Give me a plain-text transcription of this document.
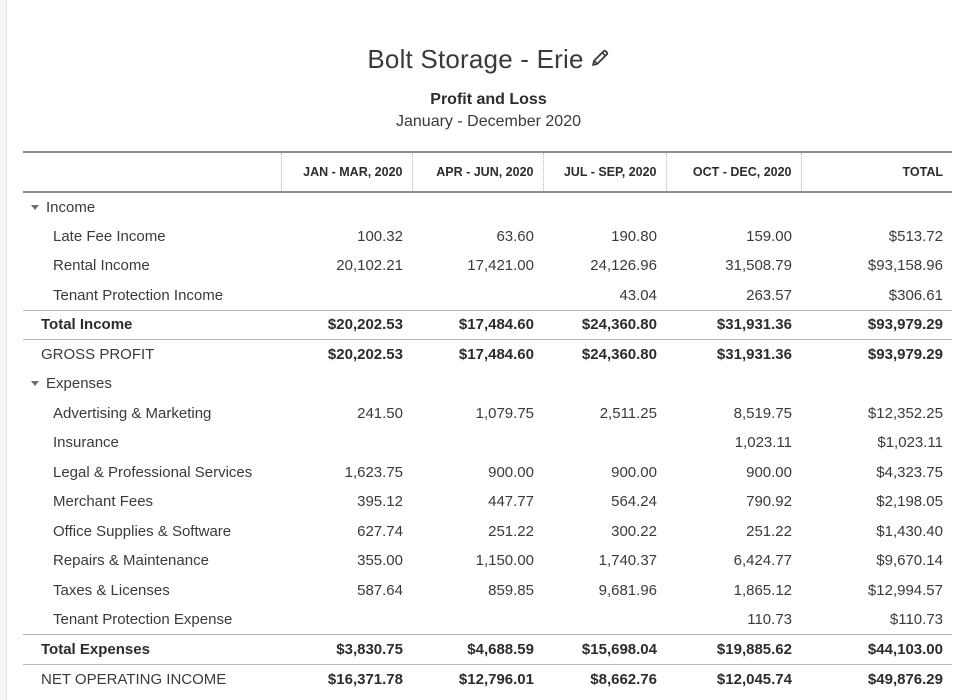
Bolt Storage - Erie
Profit and Loss
January - December 2020
	JAN - MAR, 2020	APR - JUN, 2020	JUL - SEP, 2020	OCT - DEC, 2020	TOTAL
Income					
Late Fee Income	100.32	63.60	190.80	159.00	$513.72
Rental Income	20,102.21	17,421.00	24,126.96	31,508.79	$93,158.96
Tenant Protection Income			43.04	263.57	$306.61
Total Income	$20,202.53	$17,484.60	$24,360.80	$31,931.36	$93,979.29
GROSS PROFIT	$20,202.53	$17,484.60	$24,360.80	$31,931.36	$93,979.29
Expenses					
Advertising & Marketing	241.50	1,079.75	2,511.25	8,519.75	$12,352.25
Insurance				1,023.11	$1,023.11
Legal & Professional Services	1,623.75	900.00	900.00	900.00	$4,323.75
Merchant Fees	395.12	447.77	564.24	790.92	$2,198.05
Office Supplies & Software	627.74	251.22	300.22	251.22	$1,430.40
Repairs & Maintenance	355.00	1,150.00	1,740.37	6,424.77	$9,670.14
Taxes & Licenses	587.64	859.85	9,681.96	1,865.12	$12,994.57
Tenant Protection Expense				110.73	$110.73
Total Expenses	$3,830.75	$4,688.59	$15,698.04	$19,885.62	$44,103.00
NET OPERATING INCOME	$16,371.78	$12,796.01	$8,662.76	$12,045.74	$49,876.29
